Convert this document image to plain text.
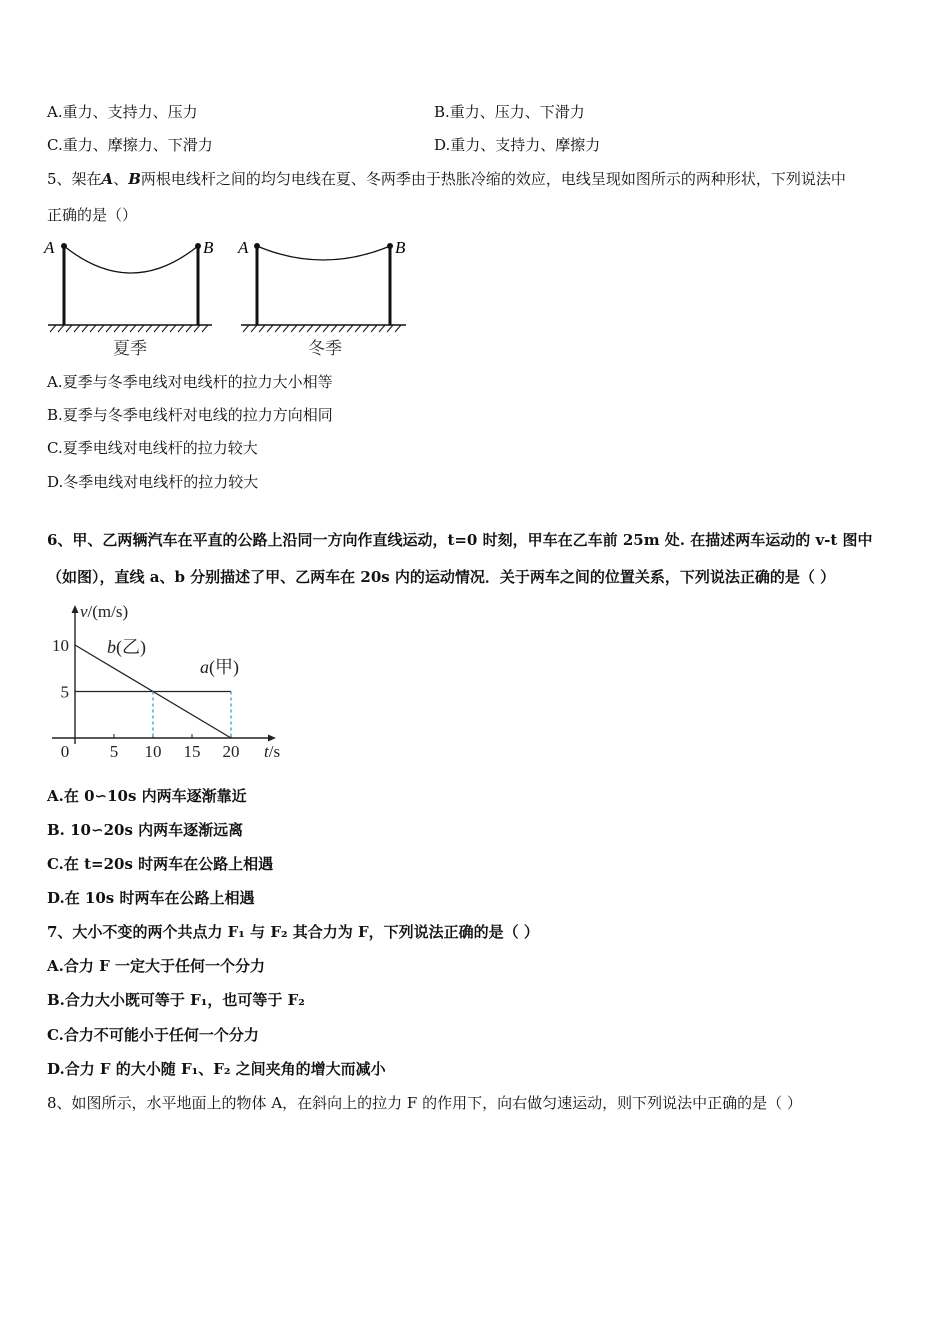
A.重力、支持力、压力	B.重力、压力、下滑力
C.重力、摩擦力、下滑力	D.重力、支持力、摩擦力
5、架在A、B两根电线杆之间的均匀电线在夏、冬两季由于热胀冷缩的效应，电线呈现如图所示的两种形状，下列说法中
正确的是（）
A	B
夏季
A	B
冬季
A.夏季与冬季电线对电线杆的拉力大小相等
B.夏季与冬季电线杆对电线的拉力方向相同
C.夏季电线对电线杆的拉力较大
D.冬季电线对电线杆的拉力较大
6、甲、乙两辆汽车在平直的公路上沿同一方向作直线运动，t=0 时刻，甲车在乙车前 25m 处. 在描述两车运动的 v-t 图中
（如图），直线 a、b 分别描述了甲、乙两车在 20s 内的运动情况．关于两车之间的位置关系，下列说法正确的是（ ）
v/(m/s)
t/s
0 5 10 15 20
5
10 b(乙)
a(甲)
A.在 0∽10s 内两车逐渐靠近
B. 10∽20s 内两车逐渐远离
C.在 t=20s 时两车在公路上相遇
D.在 10s 时两车在公路上相遇
7、大小不变的两个共点力 F₁ 与 F₂ 其合力为 F，下列说法正确的是（ ）
A.合力 F 一定大于任何一个分力
B.合力大小既可等于 F₁，也可等于 F₂
C.合力不可能小于任何一个分力
D.合力 F 的大小随 F₁、F₂ 之间夹角的增大而减小
8、如图所示，水平地面上的物体 A，在斜向上的拉力 F 的作用下，向右做匀速运动，则下列说法中正确的是（ ）
